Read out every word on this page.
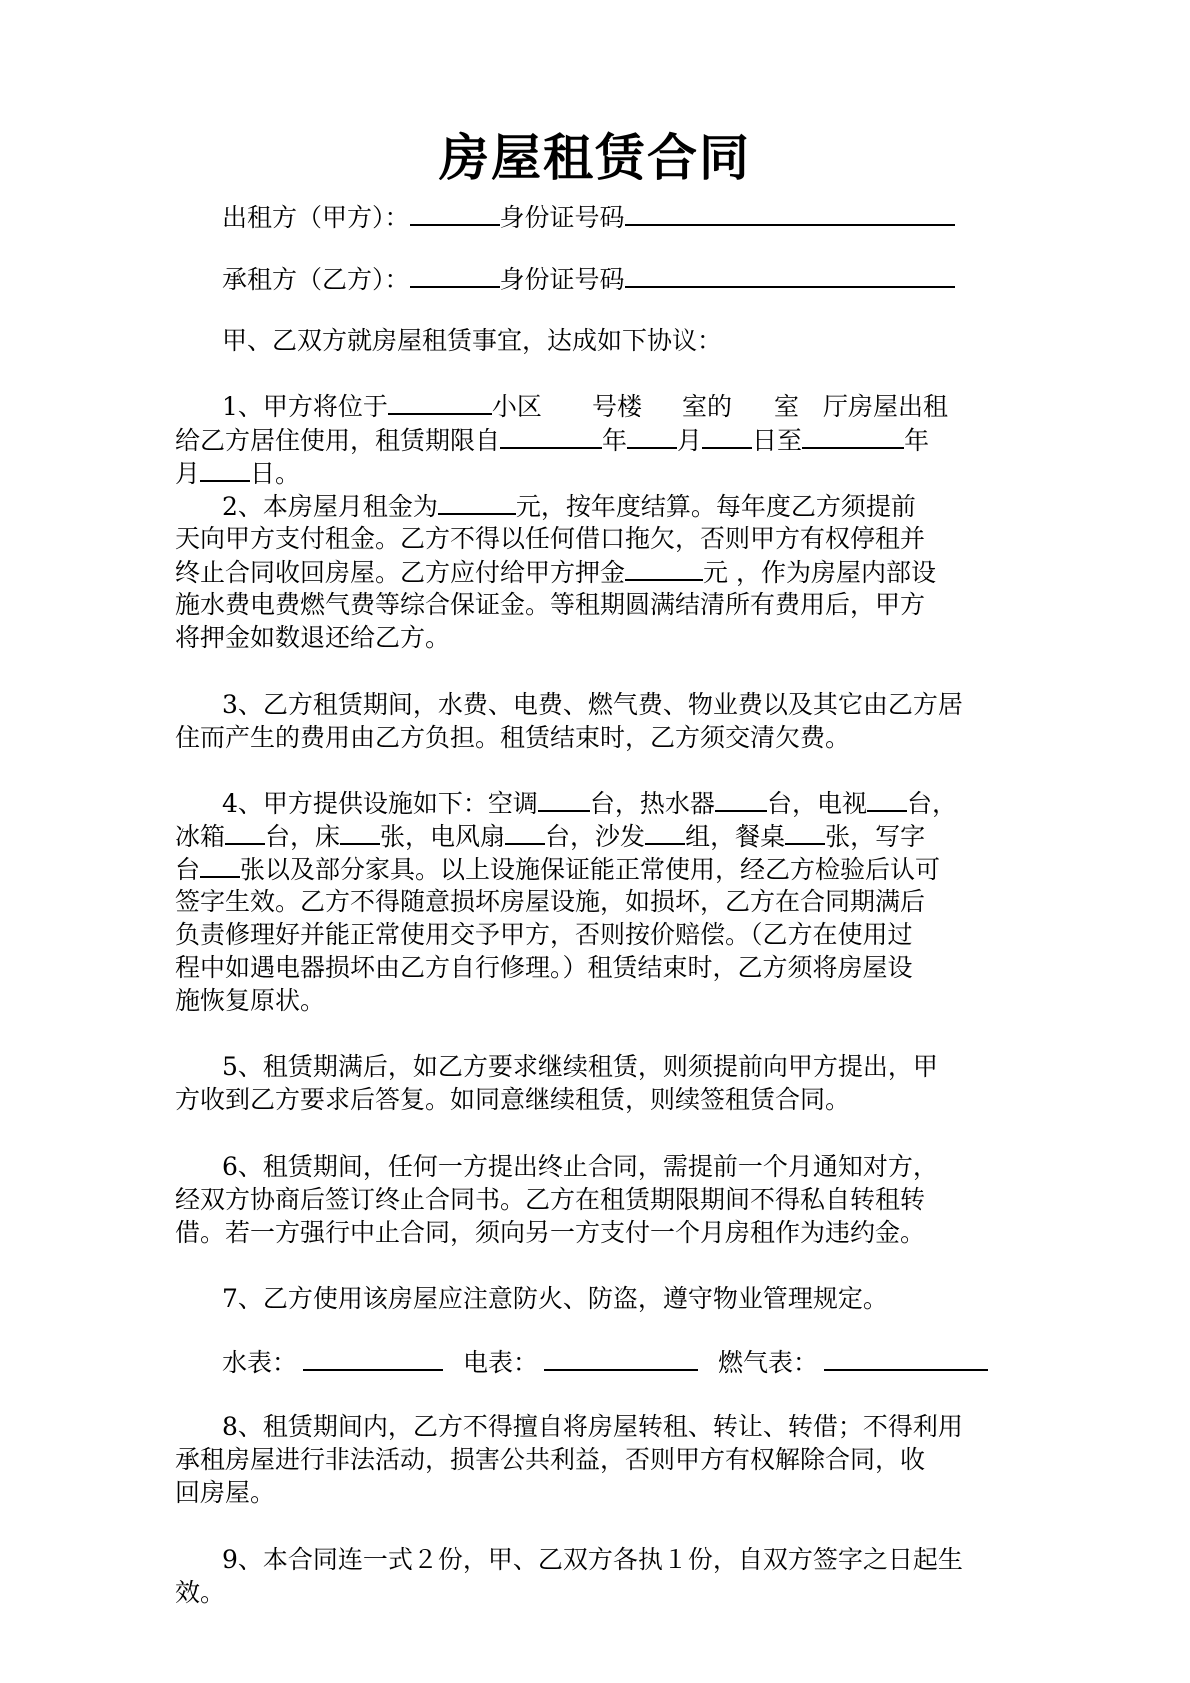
房屋租赁合同
出租方（甲方）：	身份证号码
承租方（乙方）：	身份证号码
甲、乙双方就房屋租赁事宜，达成如下协议：
1、甲方将位于	小区 号楼 室的 室 厅房屋出租
给乙方居住使用，租赁期限自	年 月 日至	年
月 日。
2、本房屋月租金为	元，按年度结算。每年度乙方须提前
天向甲方支付租金。乙方不得以任何借口拖欠，否则甲方有权停租并
终止合同收回房屋。乙方应付给甲方押金	元 ，作为房屋内部设
施水费电费燃气费等综合保证金。等租期圆满结清所有费用后，甲方
将押金如数退还给乙方。
3、乙方租赁期间，水费、电费、燃气费、物业费以及其它由乙方居
住而产生的费用由乙方负担。租赁结束时，乙方须交清欠费。
4、甲方提供设施如下：空调 台，热水器 台，电视 台，
冰箱 台，床 张，电风扇 台，沙发 组，餐桌 张，写字
台 张以及部分家具。以上设施保证能正常使用，经乙方检验后认可
签字生效。乙方不得随意损坏房屋设施，如损坏，乙方在合同期满后
负责修理好并能正常使用交予甲方，否则按价赔偿。（乙方在使用过
程中如遇电器损坏由乙方自行修理。）租赁结束时，乙方须将房屋设
施恢复原状。
5、租赁期满后，如乙方要求继续租赁，则须提前向甲方提出，甲
方收到乙方要求后答复。如同意继续租赁，则续签租赁合同。
6、租赁期间，任何一方提出终止合同，需提前一个月通知对方，
经双方协商后签订终止合同书。乙方在租赁期限期间不得私自转租转
借。若一方强行中止合同，须向另一方支付一个月房租作为违约金。
7、乙方使用该房屋应注意防火、防盗，遵守物业管理规定。
水表：	电表：	燃气表：
8、租赁期间内，乙方不得擅自将房屋转租、转让、转借；不得利用
承租房屋进行非法活动，损害公共利益，否则甲方有权解除合同，收
回房屋。
9、本合同连一式２份，甲、乙双方各执１份，自双方签字之日起生
效。
